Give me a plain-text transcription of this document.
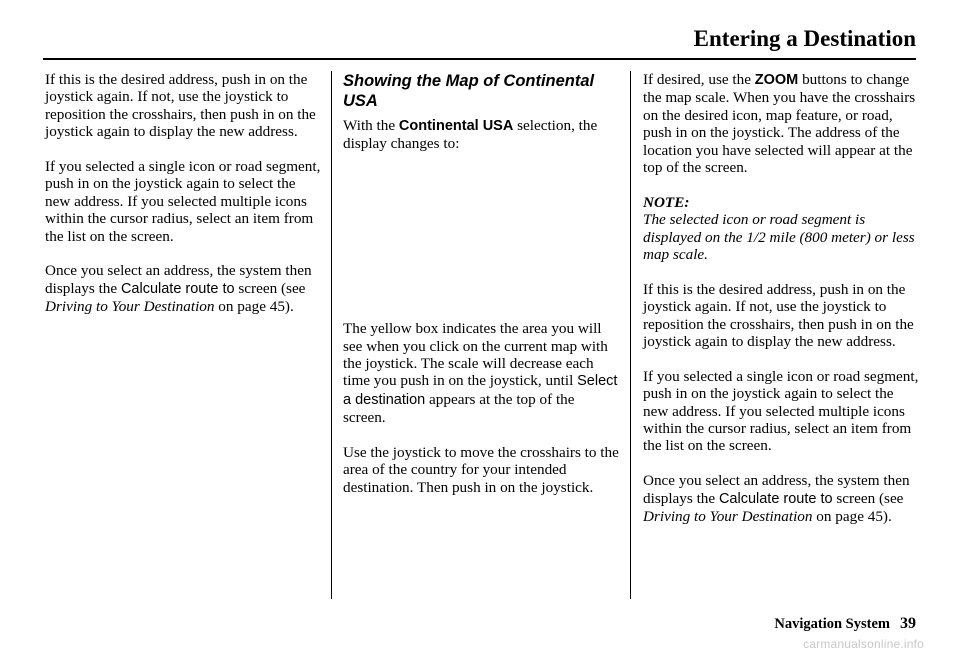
Entering a Destination

If this is the desired address, push in on the joystick again. If not, use the joystick to reposition the crosshairs, then push in on the joystick again to display the new address.

If you selected a single icon or road segment, push in on the joystick again to select the new address. If you selected multiple icons within the cursor radius, select an item from the list on the screen.

Once you select an address, the system then displays the Calculate route to screen (see Driving to Your Destination on page 45).

Showing the Map of Continental USA

With the Continental USA selection, the display changes to:

The yellow box indicates the area you will see when you click on the current map with the joystick. The scale will decrease each time you push in on the joystick, until Select a destination appears at the top of the screen.

Use the joystick to move the crosshairs to the area of the country for your intended destination. Then push in on the joystick.

If desired, use the ZOOM buttons to change the map scale. When you have the crosshairs on the desired icon, map feature, or road, push in on the joystick. The address of the location you have selected will appear at the top of the screen.

NOTE:

The selected icon or road segment is displayed on the 1/2 mile (800 meter) or less map scale.

If this is the desired address, push in on the joystick again. If not, use the joystick to reposition the crosshairs, then push in on the joystick again to display the new address.

If you selected a single icon or road segment, push in on the joystick again to select the new address. If you selected multiple icons within the cursor radius, select an item from the list on the screen.

Once you select an address, the system then displays the Calculate route to screen (see Driving to Your Destination on page 45).

Navigation System 39
carmanualsonline.info
